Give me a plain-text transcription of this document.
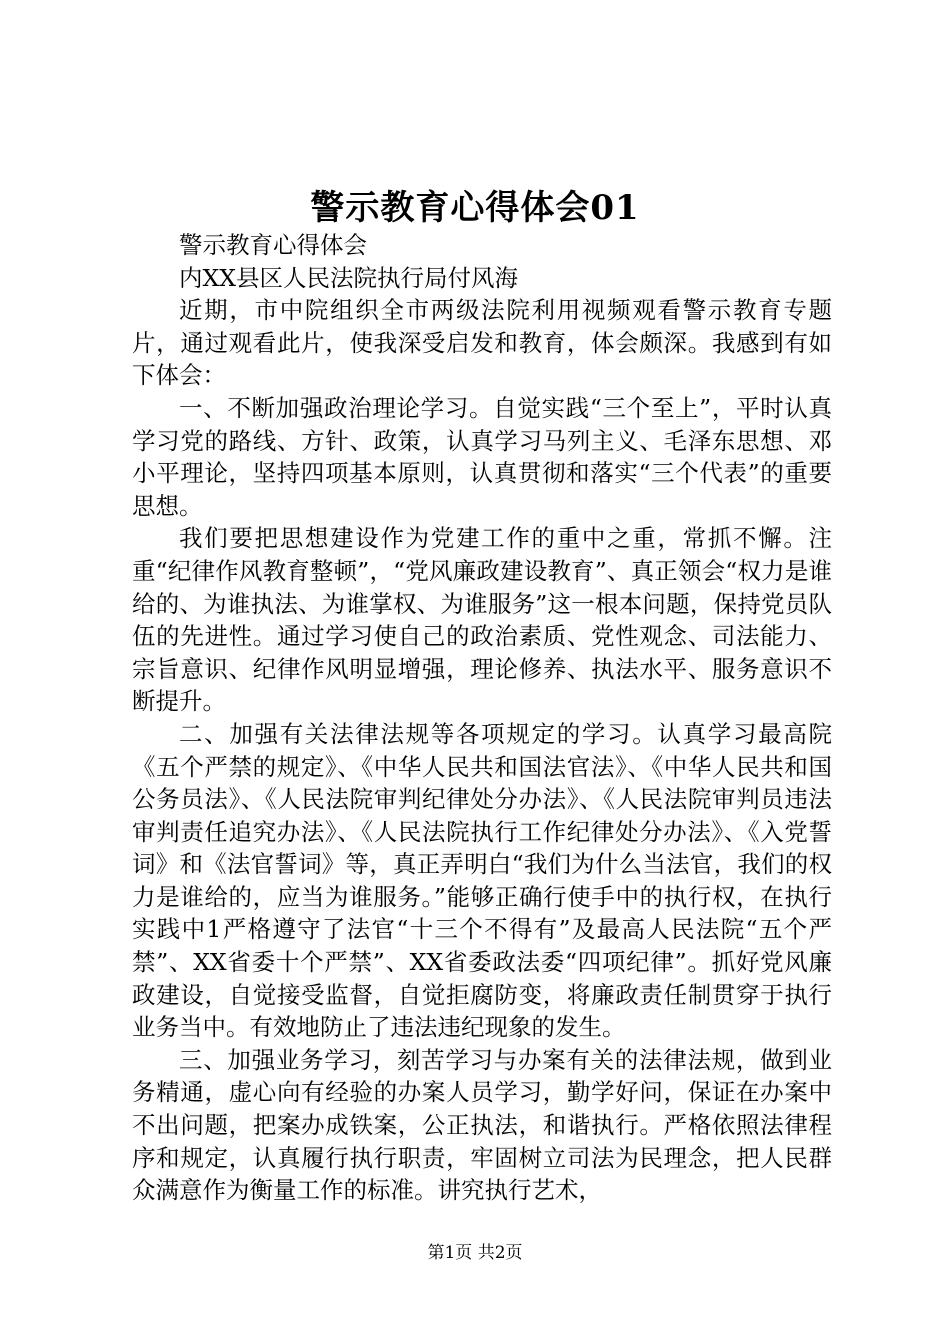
警示教育心得体会01

警示教育心得体会

内XX县区人民法院执行局付风海

近期，市中院组织全市两级法院利用视频观看警示教育专题片，通过观看此片，使我深受启发和教育，体会颇深。我感到有如下体会：

一、不断加强政治理论学习。自觉实践“三个至上”，平时认真学习党的路线、方针、政策，认真学习马列主义、毛泽东思想、邓小平理论，坚持四项基本原则，认真贯彻和落实“三个代表”的重要思想。

我们要把思想建设作为党建工作的重中之重，常抓不懈。注重“纪律作风教育整顿”，“党风廉政建设教育”、真正领会“权力是谁给的、为谁执法、为谁掌权、为谁服务”这一根本问题，保持党员队伍的先进性。通过学习使自己的政治素质、党性观念、司法能力、宗旨意识、纪律作风明显增强，理论修养、执法水平、服务意识不断提升。

二、加强有关法律法规等各项规定的学习。认真学习最高院《五个严禁的规定》、《中华人民共和国法官法》、《中华人民共和国公务员法》、《人民法院审判纪律处分办法》、《人民法院审判员违法审判责任追究办法》、《人民法院执行工作纪律处分办法》、《入党誓词》和《法官誓词》等，真正弄明白“我们为什么当法官，我们的权力是谁给的，应当为谁服务。”能够正确行使手中的执行权，在执行实践中1严格遵守了法官“十三个不得有”及最高人民法院“五个严禁”、XX省委十个严禁”、XX省委政法委“四项纪律”。抓好党风廉政建设，自觉接受监督，自觉拒腐防变，将廉政责任制贯穿于执行业务当中。有效地防止了违法违纪现象的发生。

三、加强业务学习，刻苦学习与办案有关的法律法规，做到业务精通，虚心向有经验的办案人员学习，勤学好问，保证在办案中不出问题，把案办成铁案，公正执法，和谐执行。严格依照法律程序和规定，认真履行执行职责，牢固树立司法为民理念，把人民群众满意作为衡量工作的标准。讲究执行艺术，

第1页 共2页
